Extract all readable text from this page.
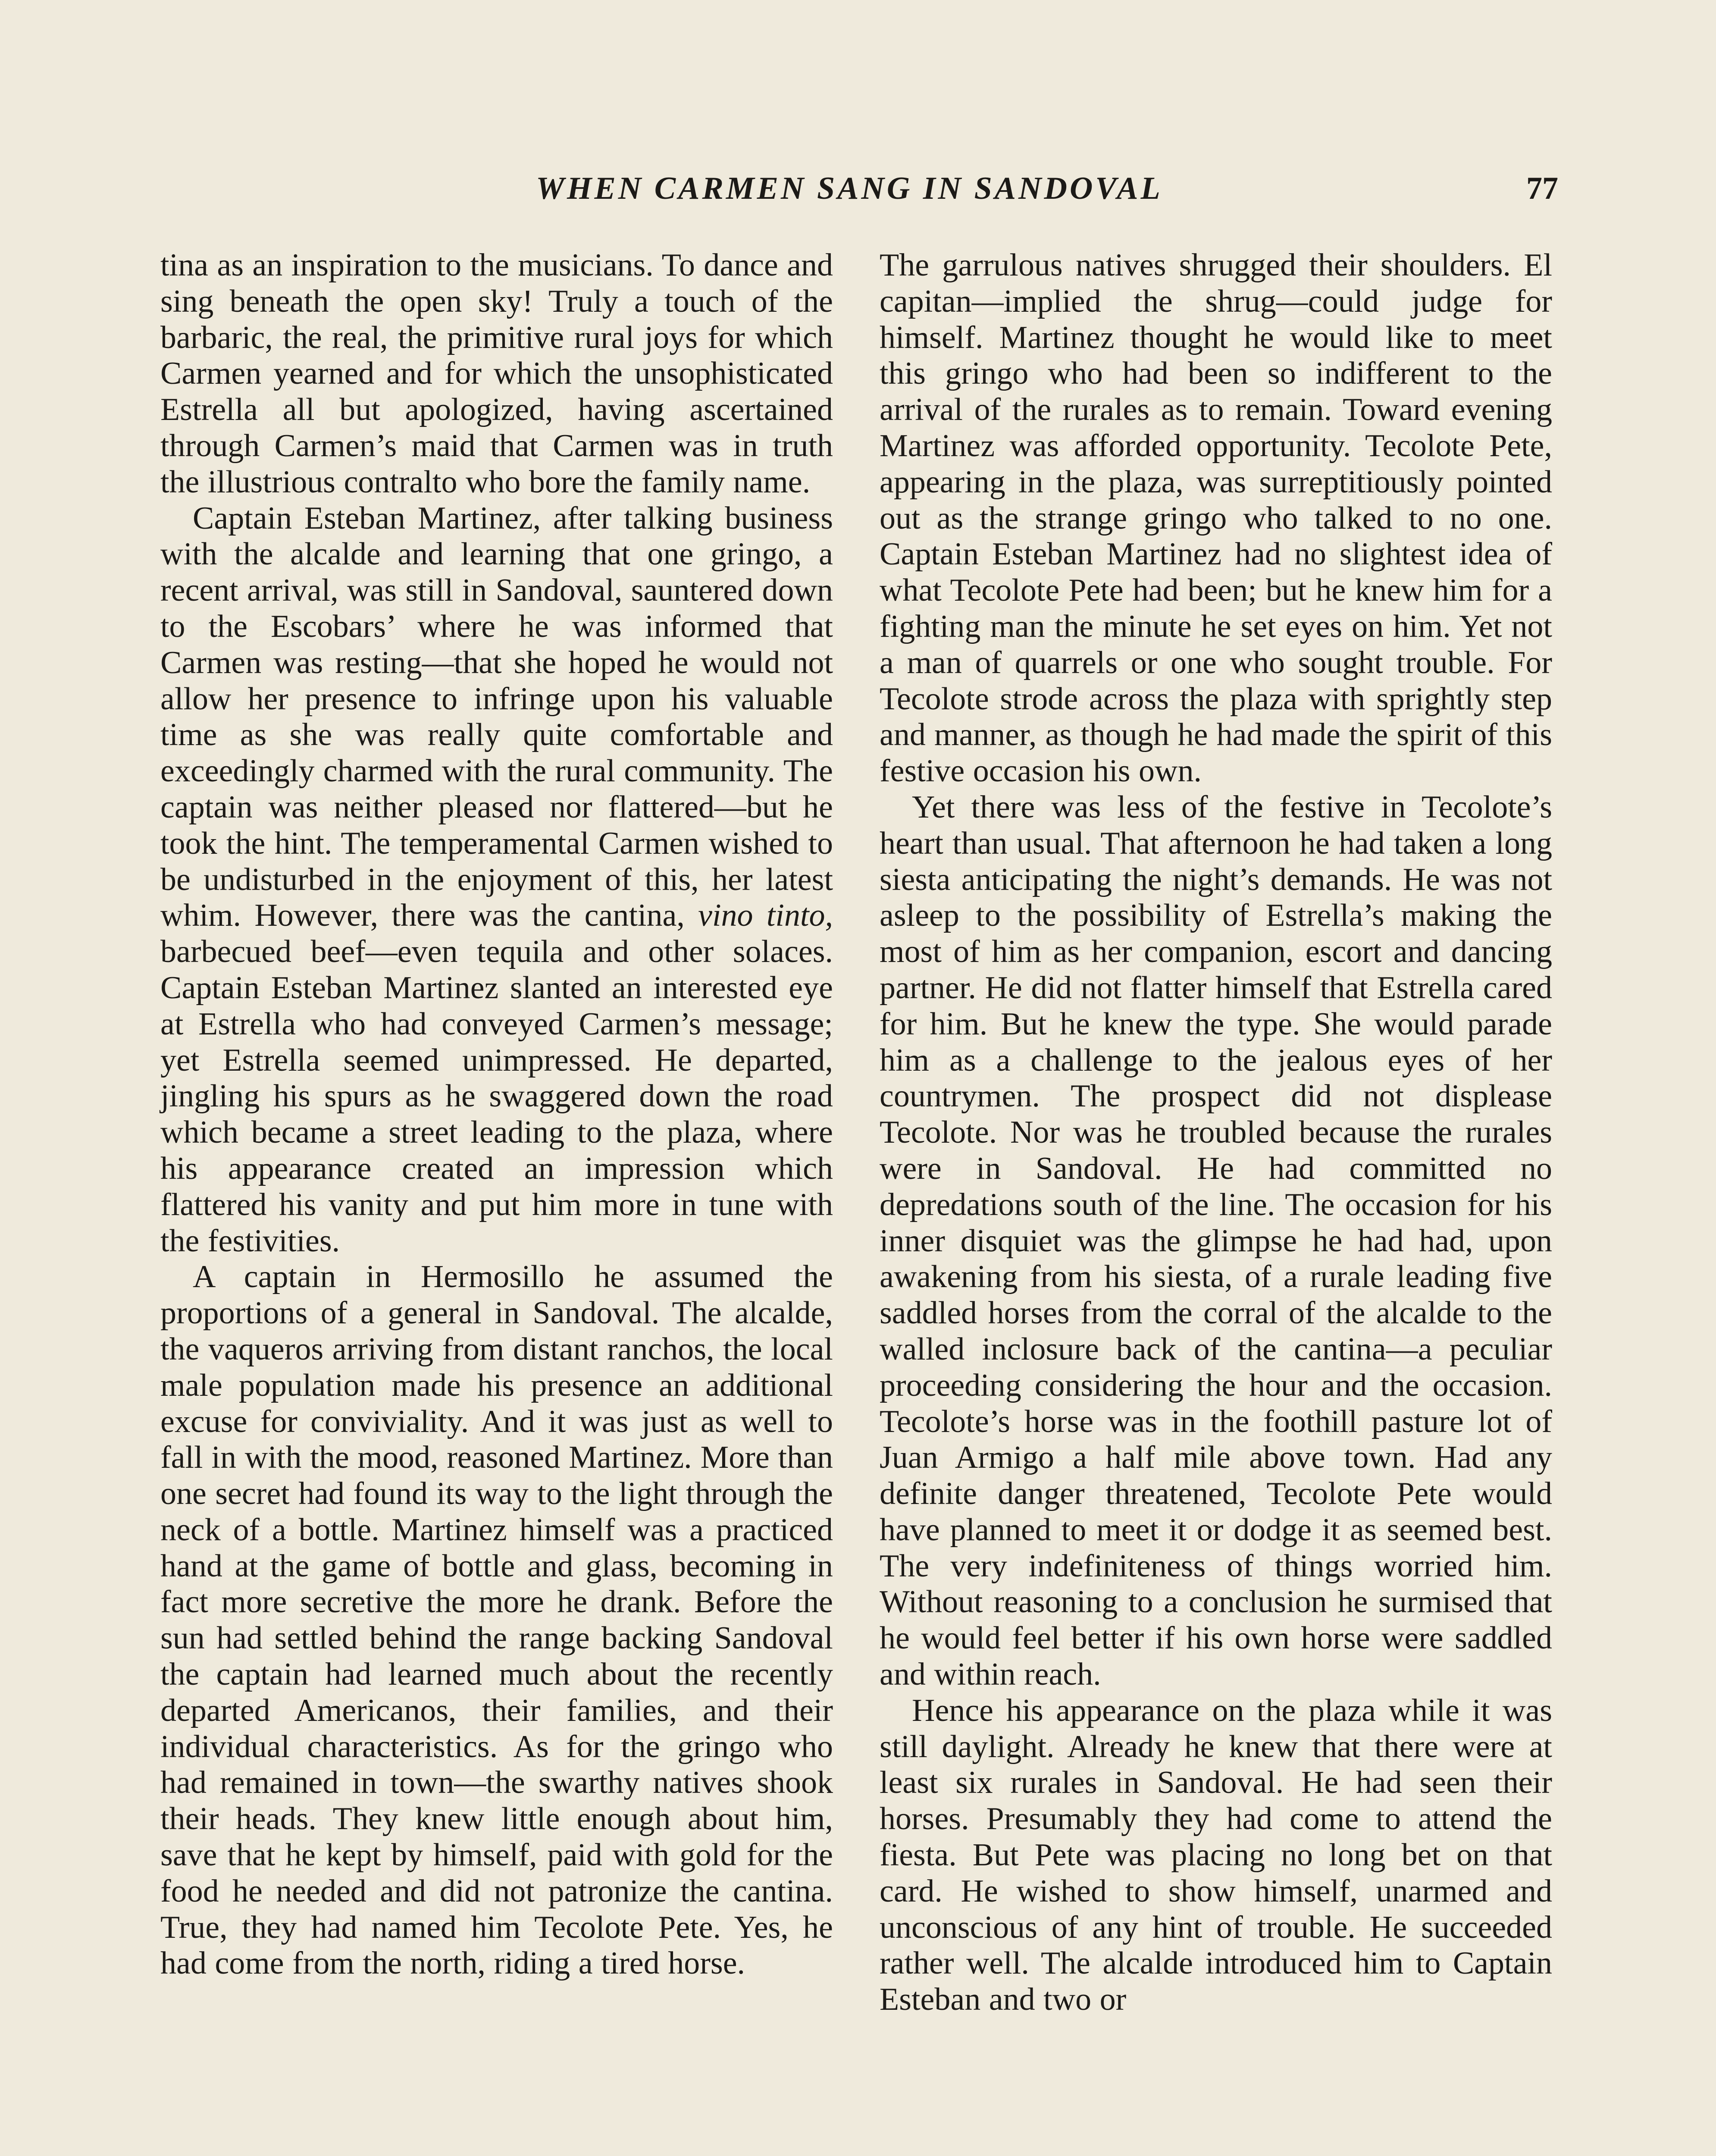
WHEN CARMEN SANG IN SANDOVAL	77

tina as an inspiration to the musicians. To dance and sing beneath the open sky! Truly a touch of the barbaric, the real, the primitive rural joys for which Carmen yearned and for which the unsophisticated Estrella all but apologized, having ascertained through Carmen’s maid that Carmen was in truth the illustrious contralto who bore the family name.

Captain Esteban Martinez, after talking business with the alcalde and learning that one gringo, a recent arrival, was still in Sandoval, sauntered down to the Escobars’ where he was informed that Carmen was resting—that she hoped he would not allow her presence to infringe upon his valuable time as she was really quite comfortable and exceedingly charmed with the rural community. The captain was neither pleased nor flattered—but he took the hint. The temperamental Carmen wished to be undisturbed in the enjoyment of this, her latest whim. However, there was the cantina, vino tinto, barbecued beef—even tequila and other solaces. Captain Esteban Martinez slanted an interested eye at Estrella who had conveyed Carmen’s message; yet Estrella seemed unimpressed. He departed, jingling his spurs as he swaggered down the road which became a street leading to the plaza, where his appearance created an impression which flattered his vanity and put him more in tune with the festivities.

A captain in Hermosillo he assumed the proportions of a general in Sandoval. The alcalde, the vaqueros arriving from distant ranchos, the local male population made his presence an additional excuse for conviviality. And it was just as well to fall in with the mood, reasoned Martinez. More than one secret had found its way to the light through the neck of a bottle. Martinez himself was a practiced hand at the game of bottle and glass, becoming in fact more secretive the more he drank. Before the sun had settled behind the range backing Sandoval the captain had learned much about the recently departed Americanos, their families, and their individual characteristics. As for the gringo who had remained in town—the swarthy natives shook their heads. They knew little enough about him, save that he kept by himself, paid with gold for the food he needed and did not patronize the cantina. True, they had named him Tecolote Pete. Yes, he had come from the north, riding a tired horse.

The garrulous natives shrugged their shoulders. El capitan—implied the shrug—could judge for himself. Martinez thought he would like to meet this gringo who had been so indifferent to the arrival of the rurales as to remain. Toward evening Martinez was afforded opportunity. Tecolote Pete, appearing in the plaza, was surreptitiously pointed out as the strange gringo who talked to no one. Captain Esteban Martinez had no slightest idea of what Tecolote Pete had been; but he knew him for a fighting man the minute he set eyes on him. Yet not a man of quarrels or one who sought trouble. For Tecolote strode across the plaza with sprightly step and manner, as though he had made the spirit of this festive occasion his own.

Yet there was less of the festive in Tecolote’s heart than usual. That afternoon he had taken a long siesta anticipating the night’s demands. He was not asleep to the possibility of Estrella’s making the most of him as her companion, escort and dancing partner. He did not flatter himself that Estrella cared for him. But he knew the type. She would parade him as a challenge to the jealous eyes of her countrymen. The prospect did not displease Tecolote. Nor was he troubled because the rurales were in Sandoval. He had committed no depredations south of the line. The occasion for his inner disquiet was the glimpse he had had, upon awakening from his siesta, of a rurale leading five saddled horses from the corral of the alcalde to the walled inclosure back of the cantina—a peculiar proceeding considering the hour and the occasion. Tecolote’s horse was in the foothill pasture lot of Juan Armigo a half mile above town. Had any definite danger threatened, Tecolote Pete would have planned to meet it or dodge it as seemed best. The very indefiniteness of things worried him. Without reasoning to a conclusion he surmised that he would feel better if his own horse were saddled and within reach.

Hence his appearance on the plaza while it was still daylight. Already he knew that there were at least six rurales in Sandoval. He had seen their horses. Presumably they had come to attend the fiesta. But Pete was placing no long bet on that card. He wished to show himself, unarmed and unconscious of any hint of trouble. He succeeded rather well. The alcalde introduced him to Captain Esteban and two or
